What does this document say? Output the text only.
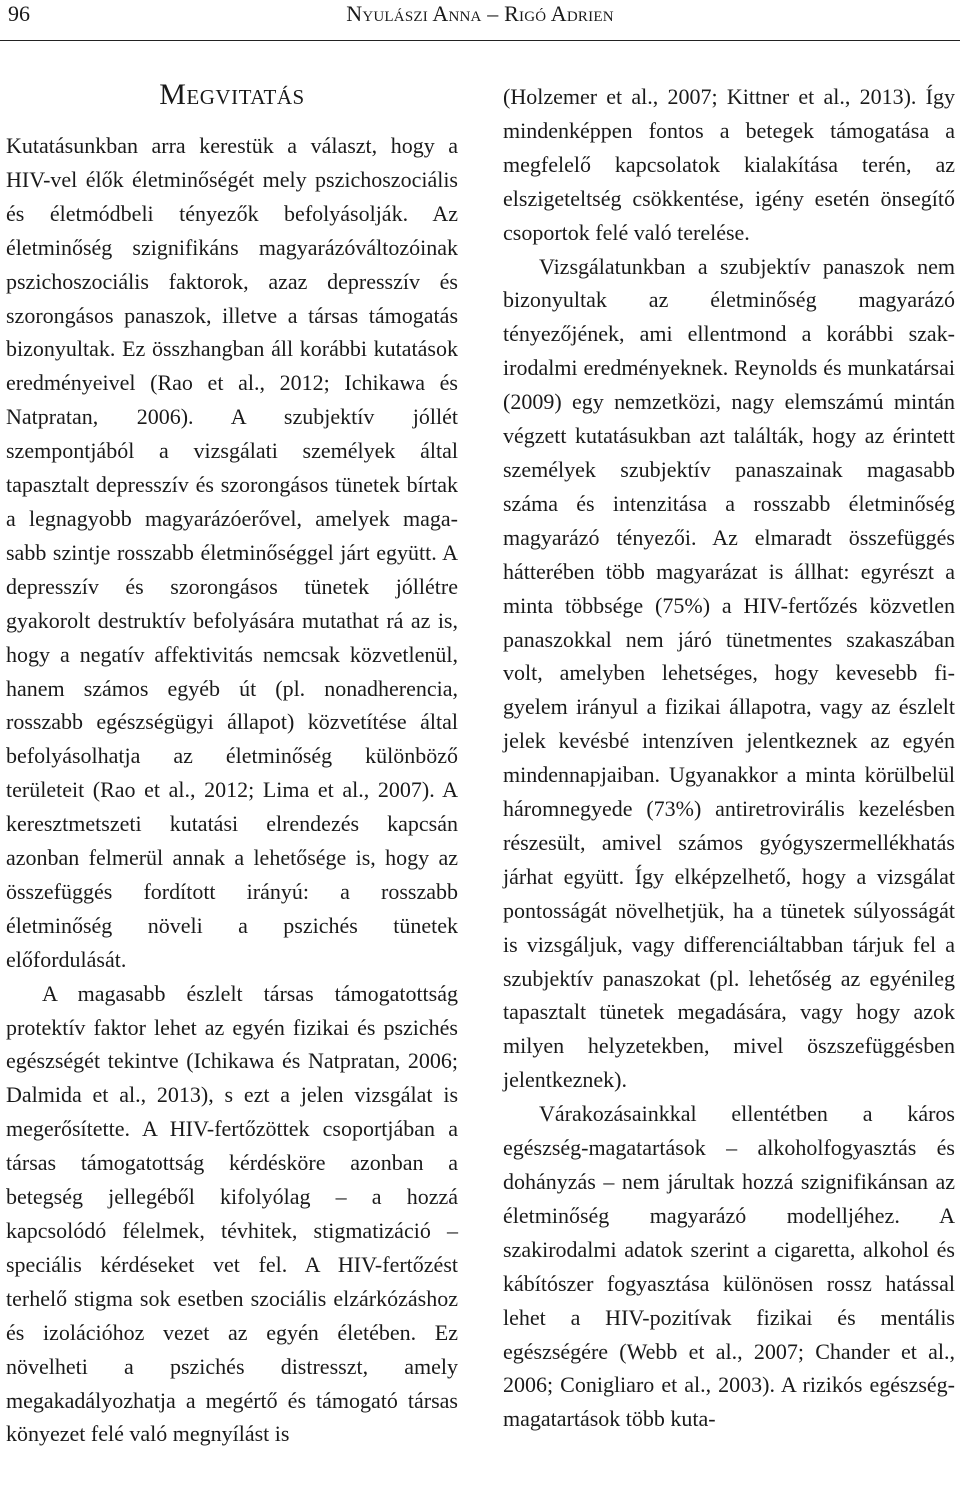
96	Nyulászi Anna – Rigó Adrien
Megvitatás

Kutatásunkban arra kerestük a választ, hogy a HIV-vel élők életminőségét mely pszichoszociális és életmódbeli tényezők befolyásolják. Az életminőség szignifikáns magyarázóváltozóinak pszichoszociális faktorok, azaz depresszív és szorongásos panaszok, illetve a társas támogatás bizonyultak. Ez összhangban áll korábbi kutatások eredményeivel (Rao et al., 2012; Ichikawa és Natpratan, 2006). A szubjektív jóllét szempontjából a vizsgálati személyek által tapasztalt depresszív és szorongásos tünetek bírtak a legnagyobb magyarázóerővel, amelyek magasabb szintje rosszabb életminőséggel járt együtt. A depresszív és szorongásos tünetek jóllétre gyakorolt destruktív befolyására mutathat rá az is, hogy a negatív affektivitás nemcsak közvetlenül, hanem számos egyéb út (pl. nonadherencia, rosszabb egészségügyi állapot) közvetítése által befolyásolhatja az életminőség különböző területeit (Rao et al., 2012; Lima et al., 2007). A keresztmetszeti kutatási elrendezés kapcsán azonban felmerül annak a lehetősége is, hogy az összefüggés fordított irányú: a rosszabb életminőség növeli a pszichés tünetek előfordulását.

A magasabb észlelt társas támogatottság protektív faktor lehet az egyén fizikai és pszichés egészségét tekintve (Ichikawa és Natpratan, 2006; Dalmida et al., 2013), s ezt a jelen vizsgálat is megerősítette. A HIV-fertőzöttek csoportjában a társas támogatottság kérdésköre azonban a betegség jellegéből kifolyólag – a hozzá kapcsolódó félelmek, tévhitek, stigmatizáció – speciális kérdéseket vet fel. A HIV-fertőzést terhelő stigma sok esetben szociális elzárkózáshoz és izolációhoz vezet az egyén életében. Ez növelheti a pszichés distresszt, amely megakadályozhatja a megértő és támogató társas könyezet felé való megnyílást is

(Holzemer et al., 2007; Kittner et al., 2013). Így mindenképpen fontos a betegek támogatása a megfelelő kapcsolatok kialakítása terén, az elszigeteltség csökkentése, igény esetén önsegítő csoportok felé való terelése.

Vizsgálatunkban a szubjektív panaszok nem bizonyultak az életminőség magyarázó tényezőjének, ami ellentmond a korábbi szakirodalmi eredményeknek. Reynolds és munkatársai (2009) egy nemzetközi, nagy elemszámú mintán végzett kutatásukban azt találták, hogy az érintett személyek szubjektív panaszainak magasabb száma és intenzitása a rosszabb életminőség magyarázó tényezői. Az elmaradt összefüggés hátterében több magyarázat is állhat: egyrészt a minta többsége (75%) a HIV-fertőzés közvetlen panaszokkal nem járó tünetmentes szakaszában volt, amelyben lehetséges, hogy kevesebb figyelem irányul a fizikai állapotra, vagy az észlelt jelek kevésbé intenzíven jelentkeznek az egyén mindennapjaiban. Ugyanakkor a minta körülbelül háromnegyede (73%) antiretrovirális kezelésben részesült, amivel számos gyógyszermellékhatás járhat együtt. Így elképzelhető, hogy a vizsgálat pontosságát növelhetjük, ha a tünetek súlyosságát is vizsgáljuk, vagy differenciáltabban tárjuk fel a szubjektív panaszokat (pl. lehetőség az egyénileg tapasztalt tünetek megadására, vagy hogy azok milyen helyzetekben, mivel öszszefüggésben jelentkeznek).

Várakozásainkkal ellentétben a káros egészség-magatartások – alkoholfogyasztás és dohányzás – nem járultak hozzá szignifikánsan az életminőség magyarázó modelljéhez. A szakirodalmi adatok szerint a cigaretta, alkohol és kábítószer fogyasztása különösen rossz hatással lehet a HIV-pozitívak fizikai és mentális egészségére (Webb et al., 2007; Chander et al., 2006; Conigliaro et al., 2003). A rizikós egészség-magatartások több kuta-
